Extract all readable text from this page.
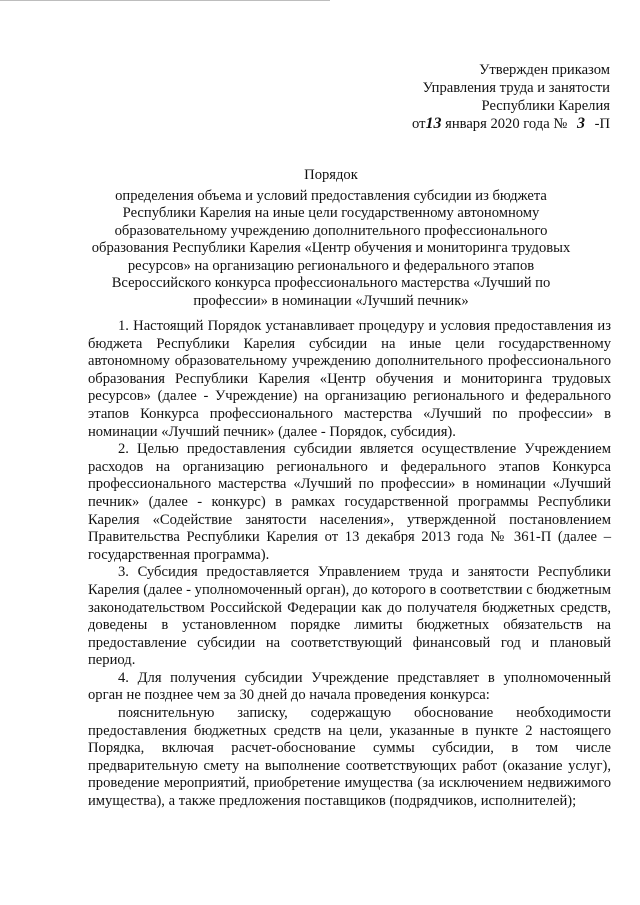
Утвержден приказом
Управления труда и занятости
Республики Карелия
от13 января 2020 года № 3 -П
Порядок
определения объема и условий предоставления субсидии из бюджета Республики Карелия на иные цели государственному автономному образовательному учреждению дополнительного профессионального образования Республики Карелия «Центр обучения и мониторинга трудовых ресурсов» на организацию регионального и федерального этапов Всероссийского конкурса профессионального мастерства «Лучший по профессии» в номинации «Лучший печник»

1. Настоящий Порядок устанавливает процедуру и условия предоставления из бюджета Республики Карелия субсидии на иные цели государственному автономному образовательному учреждению дополнительного профессионального образования Республики Карелия «Центр обучения и мониторинга трудовых ресурсов» (далее - Учреждение) на организацию регионального и федерального этапов Конкурса профессионального мастерства «Лучший по профессии» в номинации «Лучший печник» (далее - Порядок, субсидия).

2. Целью предоставления субсидии является осуществление Учреждением расходов на организацию регионального и федерального этапов Конкурса профессионального мастерства «Лучший по профессии» в номинации «Лучший печник» (далее - конкурс) в рамках государственной программы Республики Карелия «Содействие занятости населения», утвержденной постановлением Правительства Республики Карелия от 13 декабря 2013 года № 361-П (далее – государственная программа).

3. Субсидия предоставляется Управлением труда и занятости Республики Карелия (далее - уполномоченный орган), до которого в соответствии с бюджетным законодательством Российской Федерации как до получателя бюджетных средств, доведены в установленном порядке лимиты бюджетных обязательств на предоставление субсидии на соответствующий финансовый год и плановый период.

4. Для получения субсидии Учреждение представляет в уполномоченный орган не позднее чем за 30 дней до начала проведения конкурса:

пояснительную записку, содержащую обоснование необходимости предоставления бюджетных средств на цели, указанные в пункте 2 настоящего Порядка, включая расчет-обоснование суммы субсидии, в том числе предварительную смету на выполнение соответствующих работ (оказание услуг), проведение мероприятий, приобретение имущества (за исключением недвижимого имущества), а также предложения поставщиков (подрядчиков, исполнителей);
